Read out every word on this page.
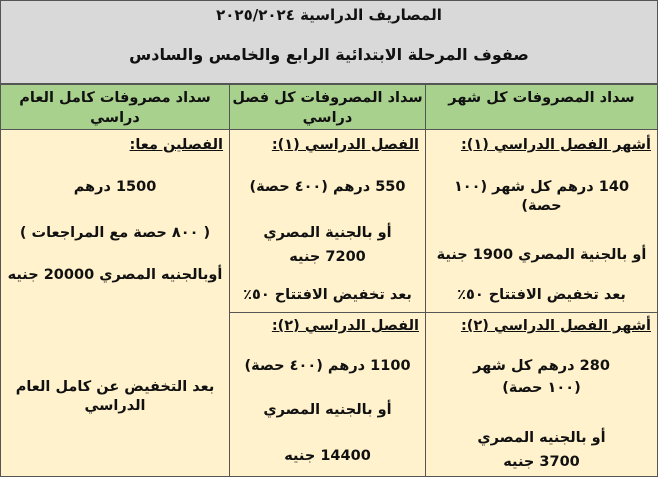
المصاريف الدراسية ٢٠٢٥/٢٠٢٤
صفوف المرحلة الابتدائية الرابع والخامس والسادس
سداد المصروفات كل شهر
سداد المصروفات كل فصل دراسي
سداد مصروفات كامل العام دراسي
أشهر الفصل الدراسي (١):
140 درهم كل شهر (١٠٠ حصة)
أو بالجنية المصري 1900 جنية
بعد تخفيض الافتتاح ٥٠٪
أشهر الفصل الدراسي (٢):
280 درهم كل شهر
(١٠٠ حصة)
أو بالجنيه المصري
3700 جنيه
الفصل الدراسي (١):
550 درهم (٤٠٠ حصة)
أو بالجنية المصري
7200 جنيه
بعد تخفيض الافتتاح ٥٠٪
الفصل الدراسي (٢):
1100 درهم (٤٠٠ حصة)
أو بالجنيه المصري
14400 جنيه
الفصلين معا:
1500 درهم
( ٨٠٠ حصة مع المراجعات )
أوبالجنيه المصري 20000 جنيه
بعد التخفيض عن كامل العام الدراسي
